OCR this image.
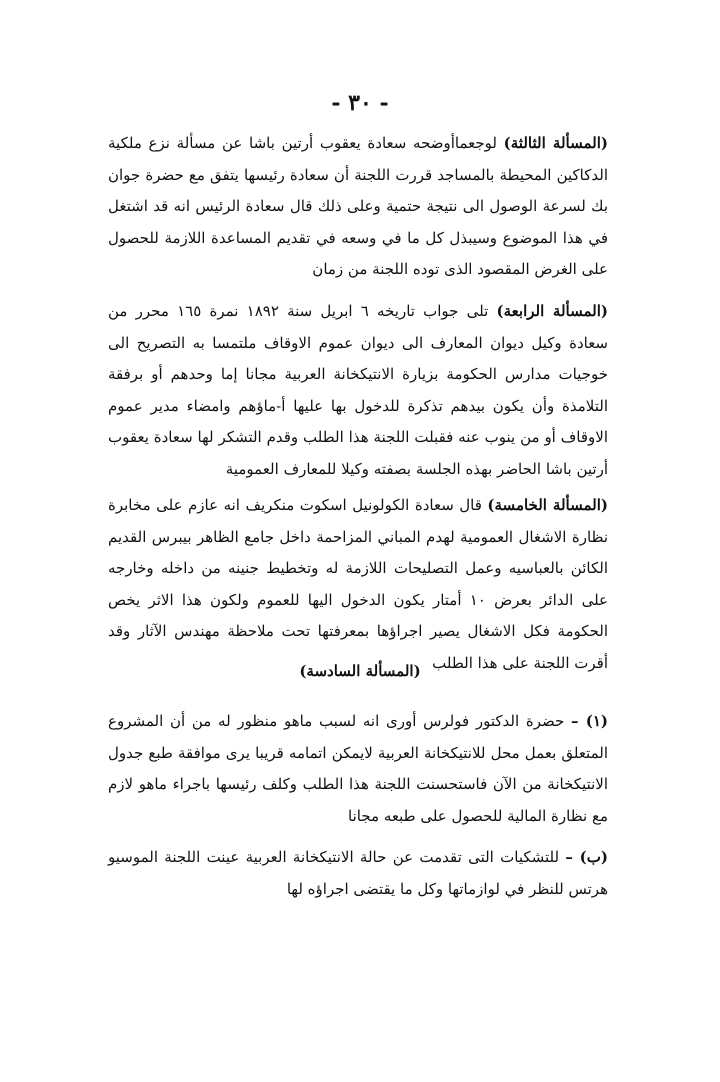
- ٣٠ -

(المسألة الثالثة) لوجعماأوضحه سعادة يعقوب أرتين باشا عن مسألة نزع ملكية الدكاكين المحيطة بالمساجد قررت اللجنة أن سعادة رئيسها يتفق مع حضرة جوان بك لسرعة الوصول الى نتيجة حتمية وعلى ذلك قال سعادة الرئيس انه قد اشتغل في هذا الموضوع وسيبذل كل ما في وسعه في تقديم المساعدة اللازمة للحصول على الغرض المقصود الذى توده اللجنة من زمان

(المسألة الرابعة) تلى جواب تاريخه ٦ ابريل سنة ١٨٩٢ نمرة ١٦٥ محرر من سعادة وكيل ديوان المعارف الى ديوان عموم الاوقاف ملتمسا به التصريح الى خوجيات مدارس الحكومة بزيارة الانتيكخانة العربية مجانا إما وحدهم أو برفقة التلامذة وأن يكون بيدهم تذكرة للدخول بها عليها أ-ماؤهم وامضاء مدير عموم الاوقاف أو من ينوب عنه فقبلت اللجنة هذا الطلب وقدم التشكر لها سعادة يعقوب أرتين باشا الحاضر بهذه الجلسة بصفته وكيلا للمعارف العمومية

(المسألة الخامسة) قال سعادة الكولونيل اسكوت منكريف انه عازم على مخابرة نظارة الاشغال العمومية لهدم المباني المزاحمة داخل جامع الظاهر بيبرس القديم الكائن بالعباسيه وعمل التصليحات اللازمة له وتخطيط جنينه من داخله وخارجه على الدائر بعرض ١٠ أمتار يكون الدخول اليها للعموم ولكون هذا الاثر يخص الحكومة فكل الاشغال يصير اجراؤها بمعرفتها تحت ملاحظة مهندس الآثار وقد أقرت اللجنة على هذا الطلب

(المسألة السادسة)

(١) – حضرة الدكتور فولرس أورى انه لسبب ماهو منظور له من أن المشروع المتعلق بعمل محل للانتيكخانة العربية لايمكن اتمامه قريبا يرى موافقة طبع جدول الانتيكخانة من الآن فاستحسنت اللجنة هذا الطلب وكلف رئيسها باجراء ماهو لازم مع نظارة المالية للحصول على طبعه مجانا

(ب) – للتشكيات التى تقدمت عن حالة الانتيكخانة العربية عينت اللجنة الموسيو هرتس للنظر في لوازماتها وكل ما يقتضى اجراؤه لها
